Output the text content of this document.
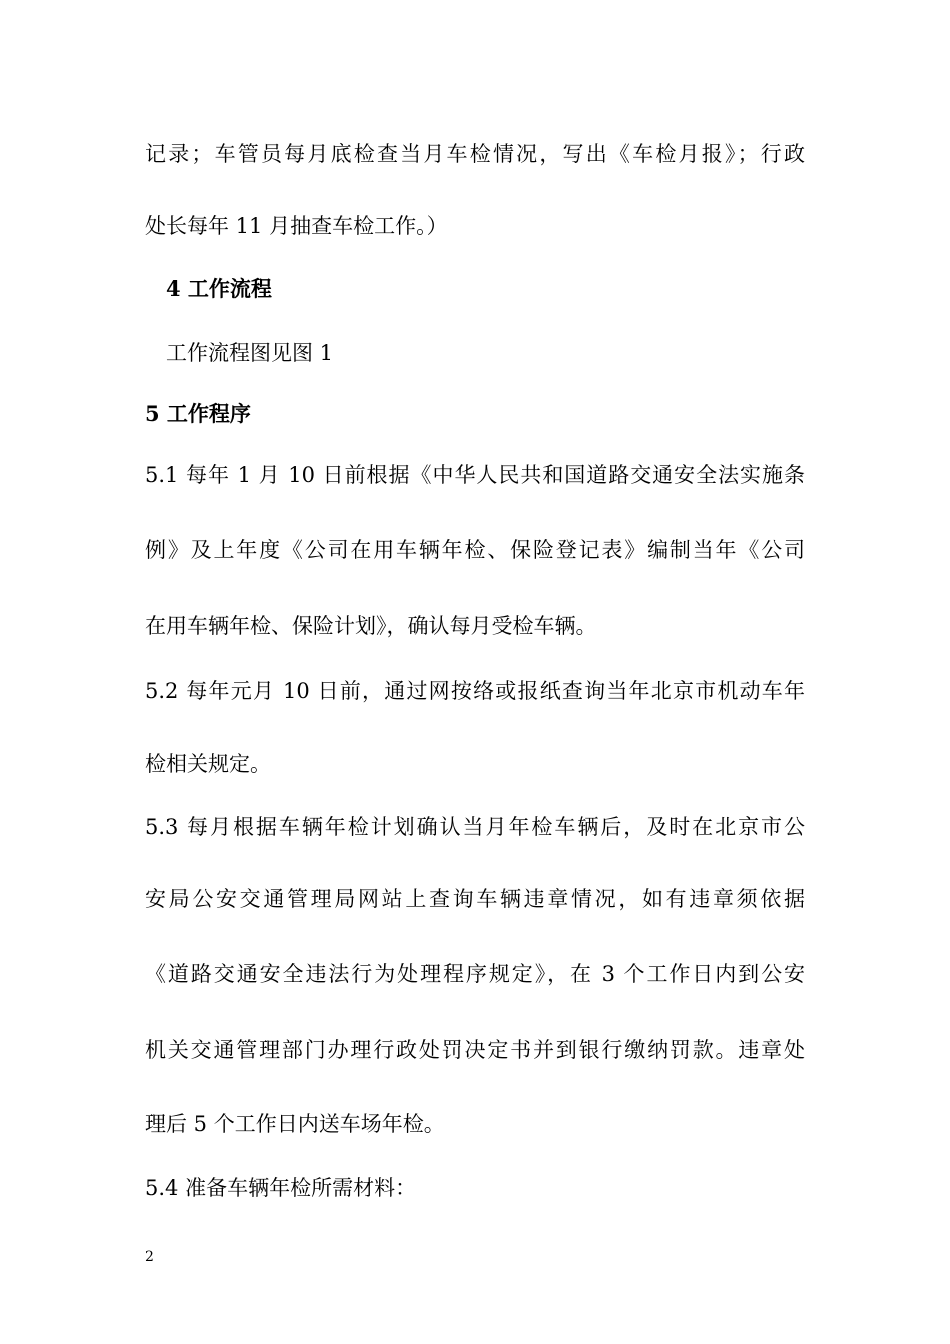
记录；车管员每月底检查当月车检情况，写出《车检月报》；行政
处长每年 11 月抽查车检工作。）
4 工作流程
工作流程图见图 1
5 工作程序
5.1 每年 1 月 10 日前根据《中华人民共和国道路交通安全法实施条
例》及上年度《公司在用车辆年检、保险登记表》编制当年《公司
在用车辆年检、保险计划》，确认每月受检车辆。
5.2 每年元月 10 日前，通过网按络或报纸查询当年北京市机动车年
检相关规定。
5.3 每月根据车辆年检计划确认当月年检车辆后，及时在北京市公
安局公安交通管理局网站上查询车辆违章情况，如有违章须依据
《道路交通安全违法行为处理程序规定》，在 3 个工作日内到公安
机关交通管理部门办理行政处罚决定书并到银行缴纳罚款。违章处
理后 5 个工作日内送车场年检。
5.4 准备车辆年检所需材料：
2
